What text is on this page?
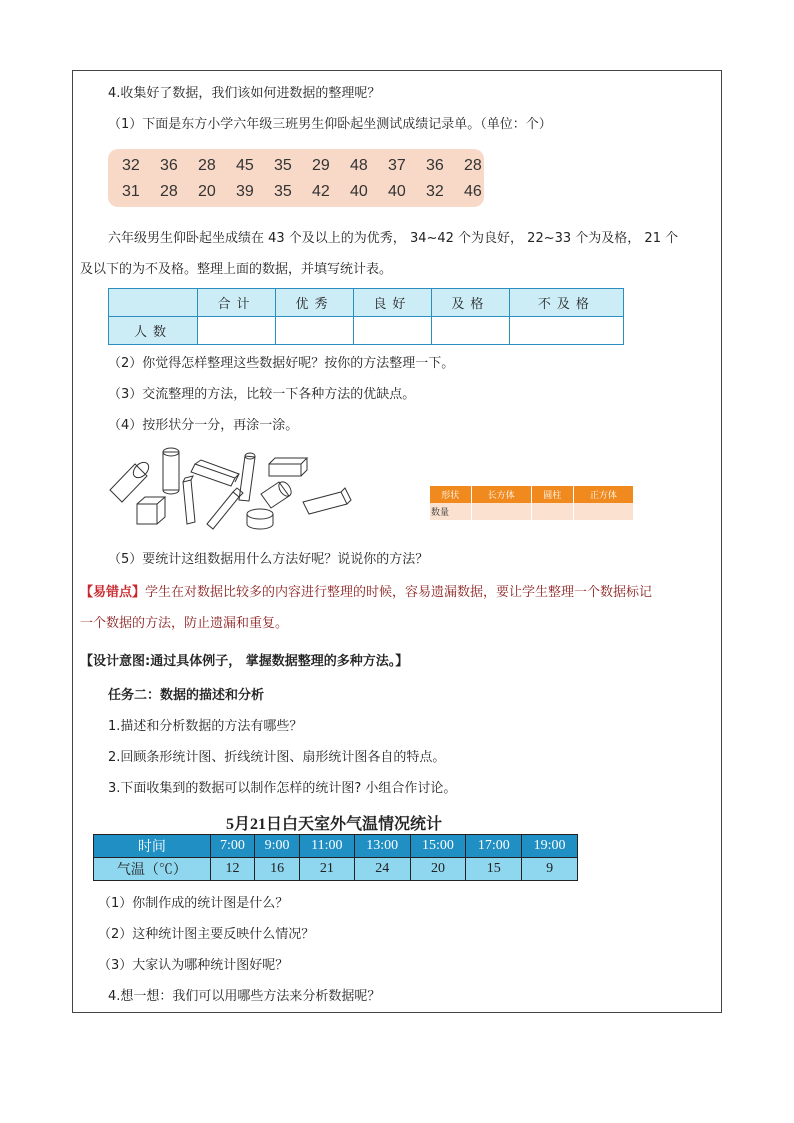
4.收集好了数据，我们该如何进数据的整理呢？
（1）下面是东方小学六年级三班男生仰卧起坐测试成绩记录单。（单位：个）
32	36	28	45	35	29	48	37	36	28
31	28	20	39	35	42	40	40	32	46
六年级男生仰卧起坐成绩在 43 个及以上的为优秀， 34~42 个为良好， 22~33 个为及格， 21 个
及以下的为不及格。整理上面的数据，并填写统计表。
	合计	优秀	良好	及格	不及格
人数					
（2）你觉得怎样整理这些数据好呢？按你的方法整理一下。
（3）交流整理的方法，比较一下各种方法的优缺点。
（4）按形状分一分，再涂一涂。
形状	长方体	圆柱	正方体
数量			
（5）要统计这组数据用什么方法好呢？说说你的方法？
【易错点】学生在对数据比较多的内容进行整理的时候，容易遗漏数据，要让学生整理一个数据标记
一个数据的方法，防止遗漏和重复。
【设计意图:通过具体例子， 掌握数据整理的多种方法。】
任务二：数据的描述和分析
1.描述和分析数据的方法有哪些？
2.回顾条形统计图、折线统计图、扇形统计图各自的特点。
3.下面收集到的数据可以制作怎样的统计图? 小组合作讨论。
5月21日白天室外气温情况统计
时间	7:00	9:00	11:00	13:00	15:00	17:00	19:00
气温（℃）	12	16	21	24	20	15	9
（1）你制作成的统计图是什么？
（2）这种统计图主要反映什么情况？
（3）大家认为哪种统计图好呢？
4.想一想：我们可以用哪些方法来分析数据呢？
